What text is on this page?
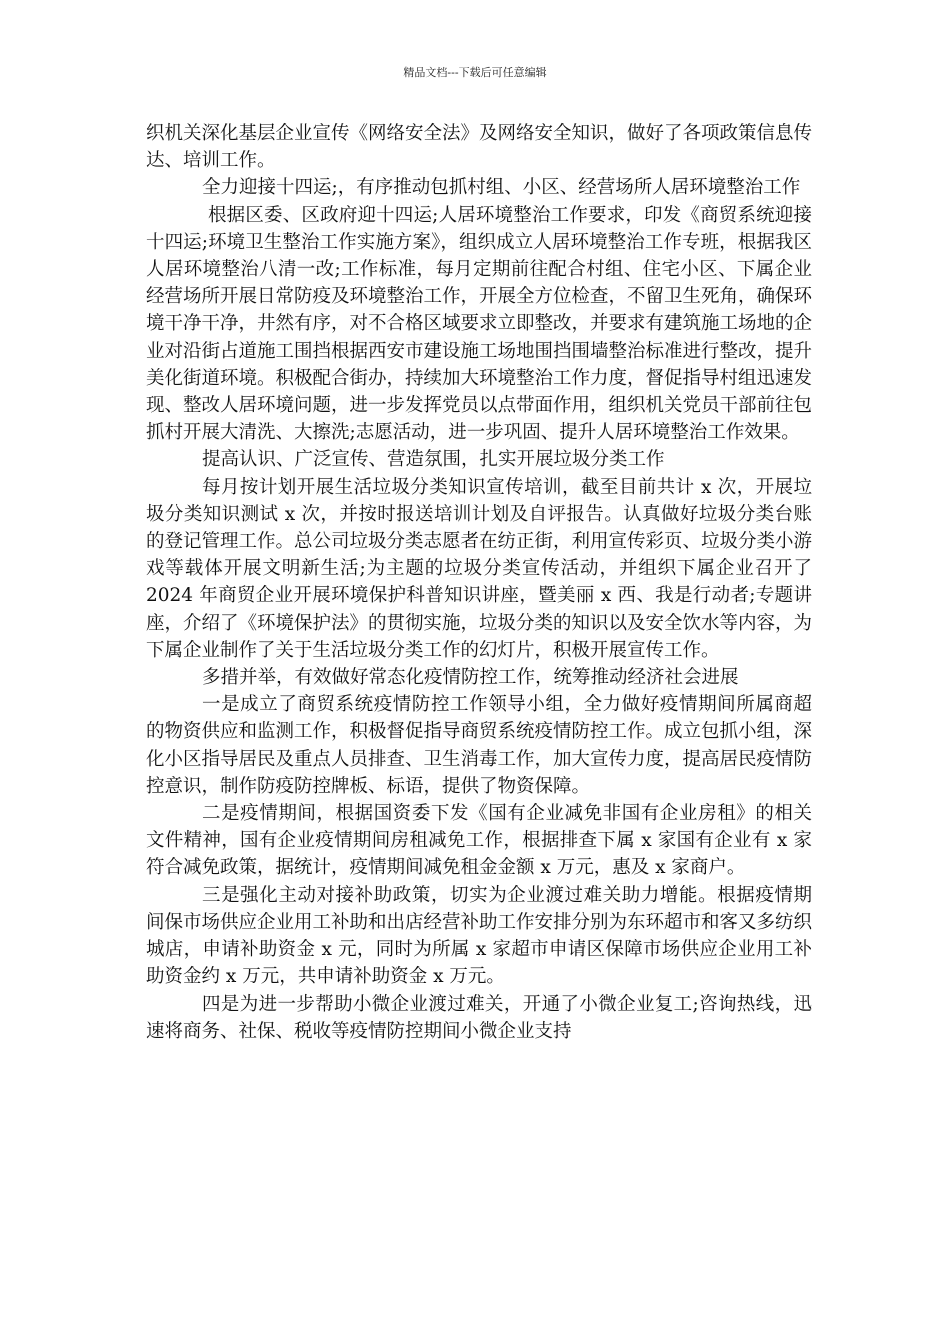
精品文档---下载后可任意编辑

织机关深化基层企业宣传《网络安全法》及网络安全知识，做好了各项政策信息传达、培训工作。

全力迎接十四运;，有序推动包抓村组、小区、经营场所人居环境整治工作

根据区委、区政府迎十四运;人居环境整治工作要求，印发《商贸系统迎接十四运;环境卫生整治工作实施方案》，组织成立人居环境整治工作专班，根据我区人居环境整治八清一改;工作标准，每月定期前往配合村组、住宅小区、下属企业经营场所开展日常防疫及环境整治工作，开展全方位检查，不留卫生死角，确保环境干净干净，井然有序，对不合格区域要求立即整改，并要求有建筑施工场地的企业对沿街占道施工围挡根据西安市建设施工场地围挡围墙整治标准进行整改，提升美化街道环境。积极配合街办，持续加大环境整治工作力度，督促指导村组迅速发现、整改人居环境问题，进一步发挥党员以点带面作用，组织机关党员干部前往包抓村开展大清洗、大擦洗;志愿活动，进一步巩固、提升人居环境整治工作效果。

提高认识、广泛宣传、营造氛围，扎实开展垃圾分类工作

每月按计划开展生活垃圾分类知识宣传培训，截至目前共计 x 次，开展垃圾分类知识测试 x 次，并按时报送培训计划及自评报告。认真做好垃圾分类台账的登记管理工作。总公司垃圾分类志愿者在纺正街，利用宣传彩页、垃圾分类小游戏等载体开展文明新生活;为主题的垃圾分类宣传活动，并组织下属企业召开了 2024 年商贸企业开展环境保护科普知识讲座，暨美丽 x 西、我是行动者;专题讲座，介绍了《环境保护法》的贯彻实施，垃圾分类的知识以及安全饮水等内容，为下属企业制作了关于生活垃圾分类工作的幻灯片，积极开展宣传工作。

多措并举，有效做好常态化疫情防控工作，统筹推动经济社会进展

一是成立了商贸系统疫情防控工作领导小组，全力做好疫情期间所属商超的物资供应和监测工作，积极督促指导商贸系统疫情防控工作。成立包抓小组，深化小区指导居民及重点人员排查、卫生消毒工作，加大宣传力度，提高居民疫情防控意识，制作防疫防控牌板、标语，提供了物资保障。

二是疫情期间，根据国资委下发《国有企业减免非国有企业房租》的相关文件精神，国有企业疫情期间房租减免工作，根据排查下属 x 家国有企业有 x 家符合减免政策，据统计，疫情期间减免租金金额 x 万元，惠及 x 家商户。

三是强化主动对接补助政策，切实为企业渡过难关助力增能。根据疫情期间保市场供应企业用工补助和出店经营补助工作安排分别为东环超市和客又多纺织城店，申请补助资金 x 元，同时为所属 x 家超市申请区保障市场供应企业用工补助资金约 x 万元，共申请补助资金 x 万元。

四是为进一步帮助小微企业渡过难关，开通了小微企业复工;咨询热线，迅速将商务、社保、税收等疫情防控期间小微企业支持
